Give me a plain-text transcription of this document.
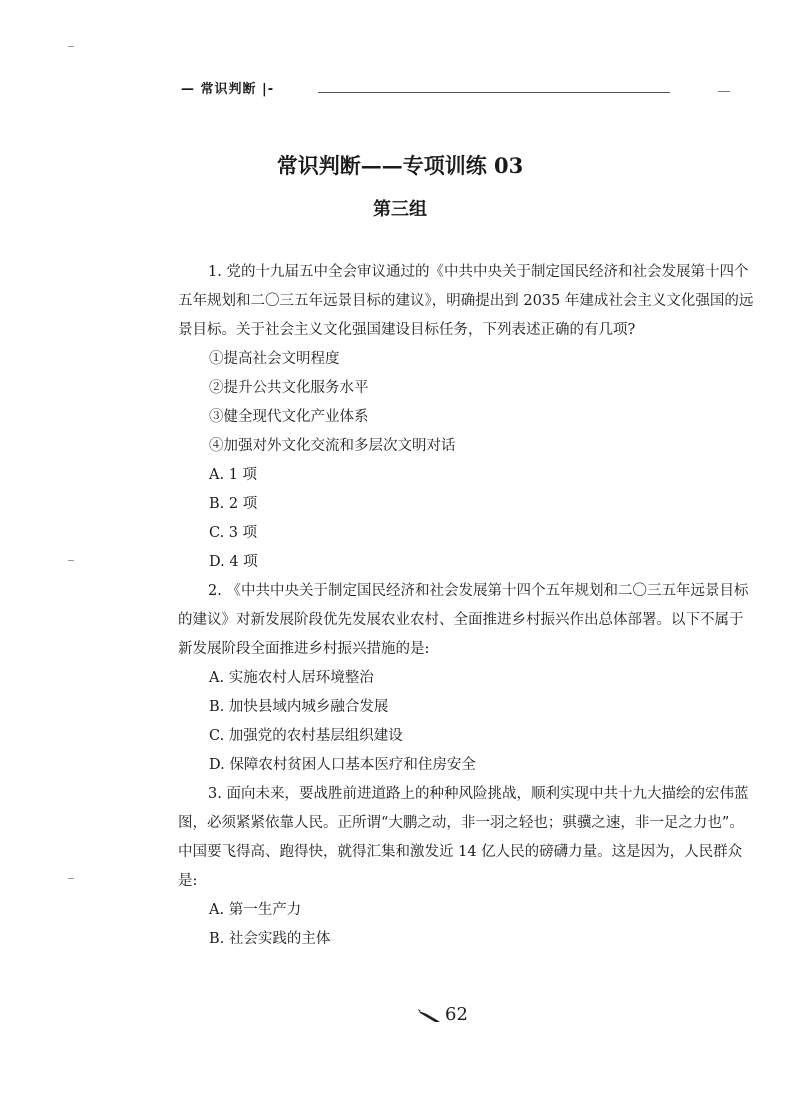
— 常识判断 |-
常识判断——专项训练 03
第三组

1. 党的十九届五中全会审议通过的《中共中央关于制定国民经济和社会发展第十四个五年规划和二〇三五年远景目标的建议》，明确提出到 2035 年建成社会主义文化强国的远景目标。关于社会主义文化强国建设目标任务，下列表述正确的有几项?

①提高社会文明程度

②提升公共文化服务水平

③健全现代文化产业体系

④加强对外文化交流和多层次文明对话

A. 1 项

B. 2 项

C. 3 项

D. 4 项

2. 《中共中央关于制定国民经济和社会发展第十四个五年规划和二〇三五年远景目标的建议》对新发展阶段优先发展农业农村、全面推进乡村振兴作出总体部署。以下不属于新发展阶段全面推进乡村振兴措施的是:

A. 实施农村人居环境整治

B. 加快县域内城乡融合发展

C. 加强党的农村基层组织建设

D. 保障农村贫困人口基本医疗和住房安全

3. 面向未来，要战胜前进道路上的种种风险挑战，顺利实现中共十九大描绘的宏伟蓝图，必须紧紧依靠人民。正所谓“大鹏之动，非一羽之轻也；骐骥之速，非一足之力也”。中国要飞得高、跑得快，就得汇集和激发近 14 亿人民的磅礴力量。这是因为，人民群众是:

A. 第一生产力

B. 社会实践的主体

62
